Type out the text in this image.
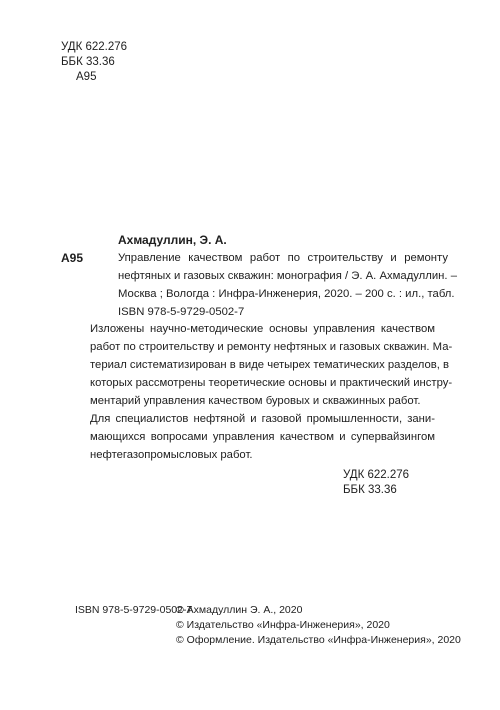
УДК 622.276
ББК 33.36
А95
Ахмадуллин, Э. А.
А95	Управление качеством работ по строительству и ремонту
нефтяных и газовых скважин: монография / Э. А. Ахмадуллин. –
Москва ; Вологда : Инфра-Инженерия, 2020. – 200 с. : ил., табл.
ISBN 978-5-9729-0502-7
Изложены научно-методические основы управления качеством
работ по строительству и ремонту нефтяных и газовых скважин. Ма-
териал систематизирован в виде четырех тематических разделов, в
которых рассмотрены теоретические основы и практический инстру-
ментарий управления качеством буровых и скважинных работ.
Для специалистов нефтяной и газовой промышленности, зани-
мающихся вопросами управления качеством и супервайзингом
нефтегазопромысловых работ.
УДК 622.276
ББК 33.36
ISBN 978-5-9729-0502-7
© Ахмадуллин Э. А., 2020
© Издательство «Инфра-Инженерия», 2020
© Оформление. Издательство «Инфра-Инженерия», 2020
